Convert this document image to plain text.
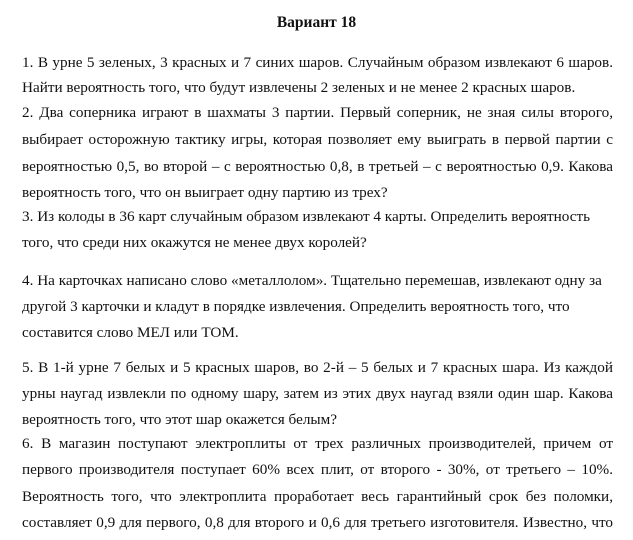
Вариант 18

1. В урне 5 зеленых, 3 красных и 7 синих шаров. Случайным образом извлекают 6 шаров.

Найти вероятность того, что будут извлечены 2 зеленых и не менее 2 красных шаров.

2. Два соперника играют в шахматы 3 партии. Первый соперник, не зная силы второго,

выбирает осторожную тактику игры, которая позволяет ему выиграть в первой партии с

вероятностью 0,5, во второй – с вероятностью 0,8, в третьей – с вероятностью 0,9. Какова

вероятность того, что он выиграет одну партию из трех?

3. Из колоды в 36 карт случайным образом извлекают 4 карты. Определить вероятность

того, что среди них окажутся не менее двух королей?

4. На карточках написано слово «металлолом». Тщательно перемешав, извлекают одну за

другой 3 карточки и кладут в порядке извлечения. Определить вероятность того, что

составится слово МЕЛ или ТОМ.

5. В 1-й урне 7 белых и 5 красных шаров, во 2-й – 5 белых и 7 красных шара. Из каждой

урны наугад извлекли по одному шару, затем из этих двух наугад взяли один шар. Какова

вероятность того, что этот шар окажется белым?

6. В магазин поступают электроплиты от трех различных производителей, причем от

первого производителя поступает 60% всех плит, от второго - 30%, от третьего – 10%.

Вероятность того, что электроплита проработает весь гарантийный срок без поломки,

составляет 0,9 для первого, 0,8 для второго и 0,6 для третьего изготовителя. Известно, что
